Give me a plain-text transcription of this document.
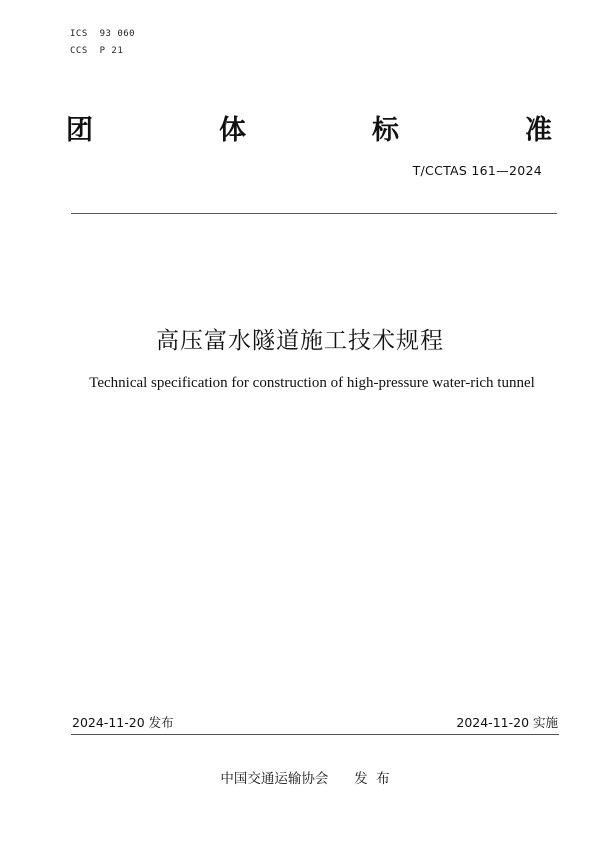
ICS  93 060
CCS  P 21
团	体	标	准
T/CCTAS 161—2024
高压富水隧道施工技术规程
Technical specification for construction of high-pressure water-rich tunnel
2024-11-20 发布	2024-11-20 实施
中国交通运输协会 发  布
